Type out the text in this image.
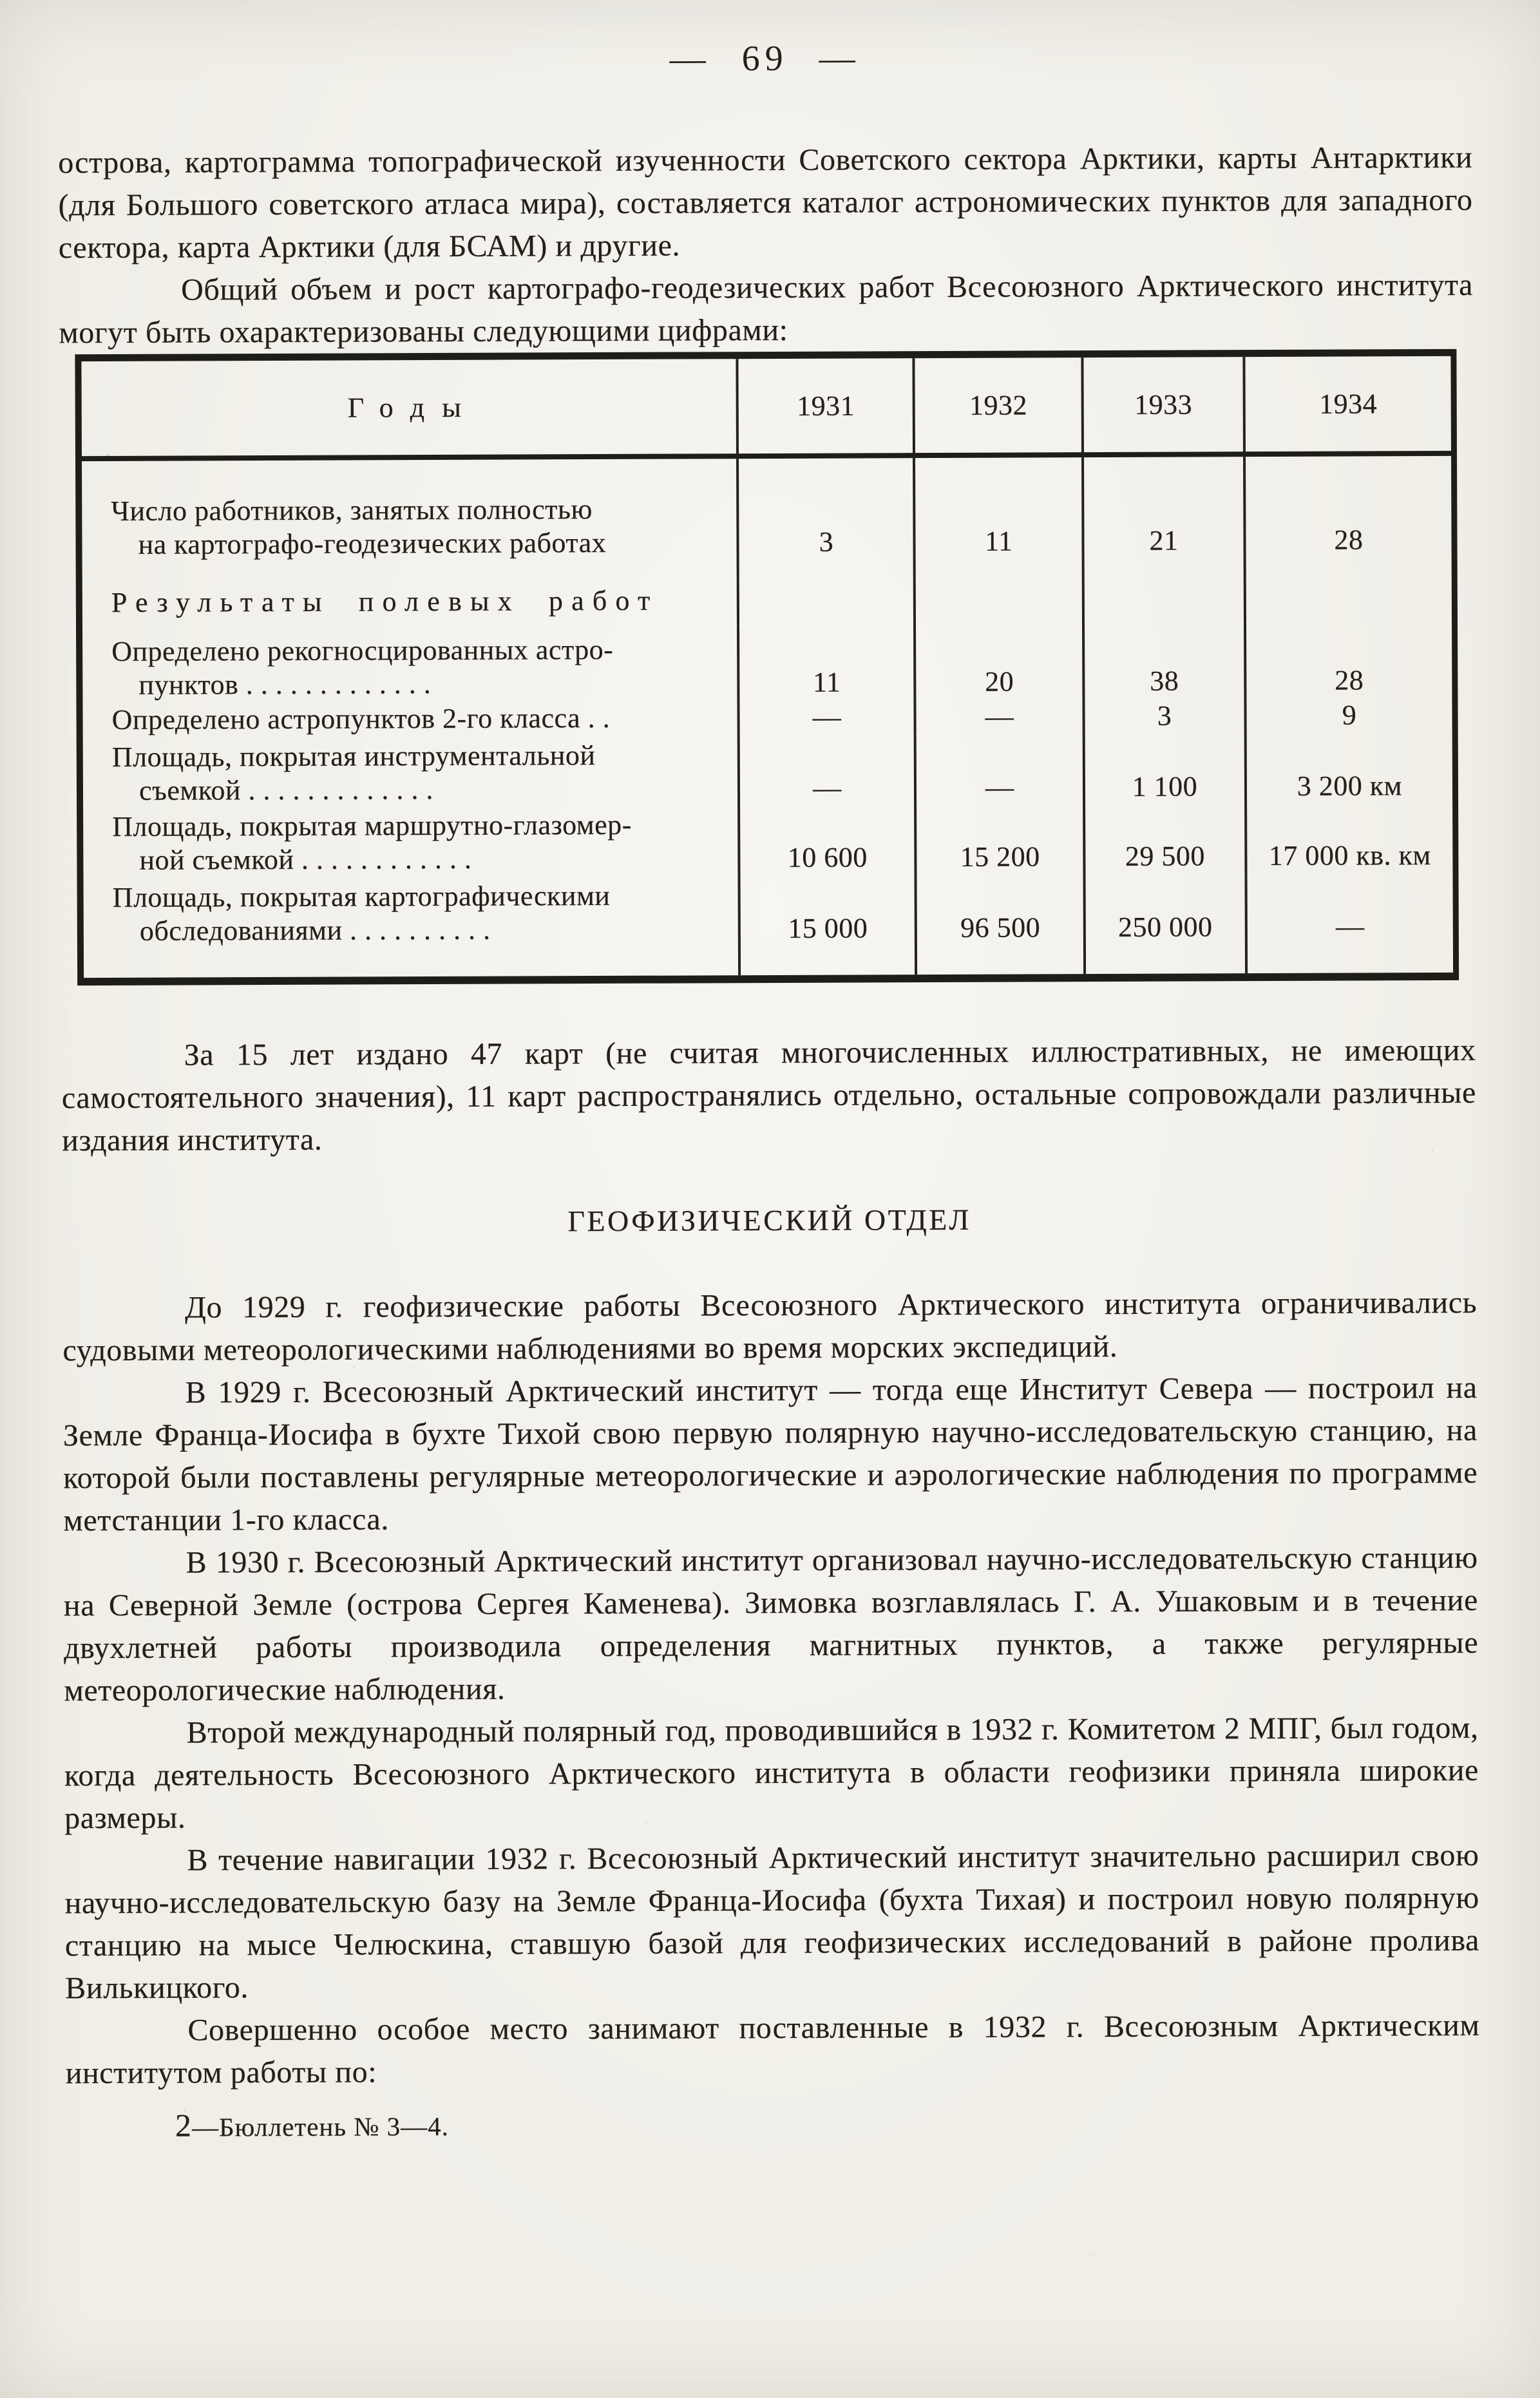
— 69 —

острова, картограмма топографической изученности Советского сектора Арктики, карты Антарктики (для Большого советского атласа мира), составляется каталог астрономических пунктов для западного сектора, карта Арктики (для БСАМ) и другие.

Общий объем и рост картографо-геодезических работ Всесоюзного Арктического института могут быть охарактеризованы следующими цифрами:

Годы	1931	1932	1933	1934
Число работников, занятых полностью
на картографо-геодезических работах	3	11	21	28
Результаты полевых работ
Определено рекогносцированных астро-
пунктов . . . . . . . . . . . . .	11	20	38	28
Определено астропунктов 2-го класса . .	—	—	3	9
Площадь, покрытая инструментальной
съемкой . . . . . . . . . . . . .	—	—	1 100	3 200 км
Площадь, покрытая маршрутно-глазомер-
ной съемкой . . . . . . . . . . . .	10 600	15 200	29 500	17 000 кв. км
Площадь, покрытая картографическими
обследованиями . . . . . . . . . .	15 000	96 500	250 000	—

За 15 лет издано 47 карт (не считая многочисленных иллюстративных, не имеющих самостоятельного значения), 11 карт распространялись отдельно, остальные сопровождали различные издания института.

ГЕОФИЗИЧЕСКИЙ ОТДЕЛ

До 1929 г. геофизические работы Всесоюзного Арктического института ограничивались судовыми метеорологическими наблюдениями во время морских экспедиций.

В 1929 г. Всесоюзный Арктический институт — тогда еще Институт Севера — построил на Земле Франца-Иосифа в бухте Тихой свою первую полярную научно-исследовательскую станцию, на которой были поставлены регулярные метеорологические и аэрологические наблюдения по программе метстанции 1-го класса.

В 1930 г. Всесоюзный Арктический институт организовал научно-исследовательскую станцию на Северной Земле (острова Сергея Каменева). Зимовка возглавлялась Г. А. Ушаковым и в течение двухлетней работы производила определения магнитных пунктов, а также регулярные метеорологические наблюдения.

Второй международный полярный год, проводившийся в 1932 г. Комитетом 2 МПГ, был годом, когда деятельность Всесоюзного Арктического института в области геофизики приняла широкие размеры.

В течение навигации 1932 г. Всесоюзный Арктический институт значительно расширил свою научно-исследовательскую базу на Земле Франца-Иосифа (бухта Тихая) и построил новую полярную станцию на мысе Челюскина, ставшую базой для геофизических исследований в районе пролива Вилькицкого.

Совершенно особое место занимают поставленные в 1932 г. Всесоюзным Арктическим институтом работы по:

2—Бюллетень № 3—4.
